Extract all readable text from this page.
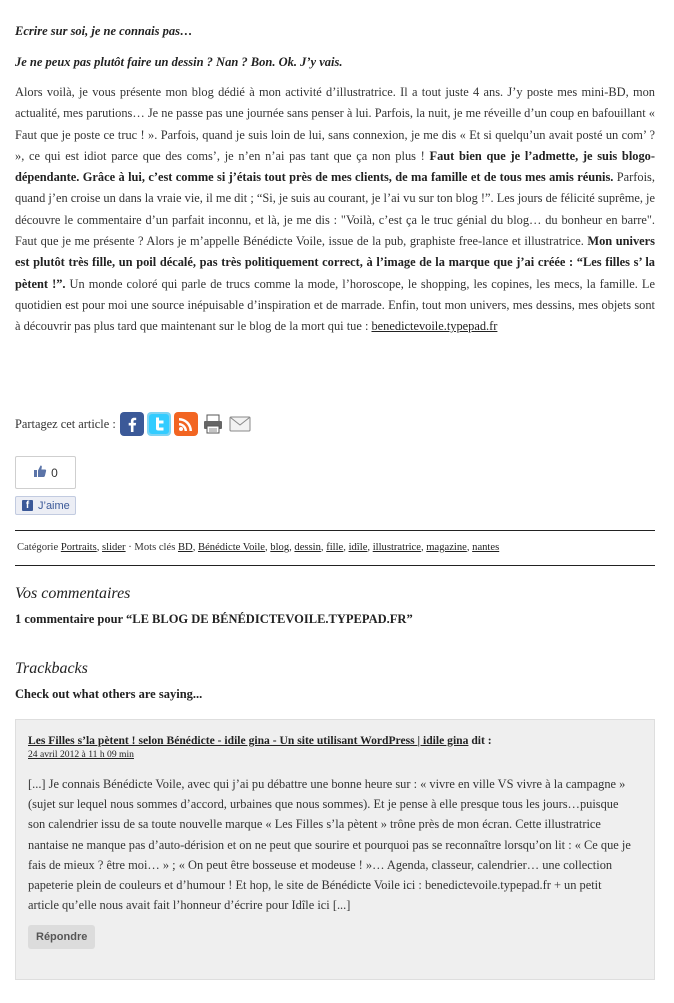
Ecrire sur soi, je ne connais pas…

Je ne peux pas plutôt faire un dessin ? Nan ? Bon. Ok. J’y vais.

Alors voilà, je vous présente mon blog dédié à mon activité d’illustratrice. Il a tout juste 4 ans. J’y poste mes mini-BD, mon actualité, mes parutions… Je ne passe pas une journée sans penser à lui. Parfois, la nuit, je me réveille d’un coup en bafouillant « Faut que je poste ce truc ! ». Parfois, quand je suis loin de lui, sans connexion, je me dis « Et si quelqu’un avait posté un com’ ? », ce qui est idiot parce que des coms’, je n’en n’ai pas tant que ça non plus ! Faut bien que je l’admette, je suis blogo-dépendante. Grâce à lui, c’est comme si j’étais tout près de mes clients, de ma famille et de tous mes amis réunis. Parfois, quand j’en croise un dans la vraie vie, il me dit ; “Si, je suis au courant, je l’ai vu sur ton blog !”. Les jours de félicité suprême, je découvre le commentaire d’un parfait inconnu, et là, je me dis : "Voilà, c’est ça le truc génial du blog… du bonheur en barre". Faut que je me présente ? Alors je m’appelle Bénédicte Voile, issue de la pub, graphiste free-lance et illustratrice. Mon univers est plutôt très fille, un poil décalé, pas très politiquement correct, à l’image de la marque que j’ai créée : “Les filles s’ la pètent !”. Un monde coloré qui parle de trucs comme la mode, l’horoscope, le shopping, les copines, les mecs, la famille. Le quotidien est pour moi une source inépuisable d’inspiration et de marrade. Enfin, tout mon univers, mes dessins, mes objets sont à découvrir pas plus tard que maintenant sur le blog de la mort qui tue : benedictevoile.typepad.fr

Partagez cet article :
0
f J’aime
Catégorie Portraits, slider · Mots clés BD, Bénédicte Voile, blog, dessin, fille, idîle, illustratrice, magazine, nantes

Vos commentaires

1 commentaire pour “LE BLOG DE BÉNÉDICTEVOILE.TYPEPAD.FR”

Trackbacks

Check out what others are saying...

Les Filles s’la pètent ! selon Bénédicte - idile gina - Un site utilisant WordPress | idile gina dit :
24 avril 2012 à 11 h 09 min
[...] Je connais Bénédicte Voile, avec qui j’ai pu débattre une bonne heure sur : « vivre en ville VS vivre à la campagne » (sujet sur lequel nous sommes d’accord, urbaines que nous sommes). Et je pense à elle presque tous les jours…puisque son calendrier issu de sa toute nouvelle marque « Les Filles s’la pètent » trône près de mon écran. Cette illustratrice nantaise ne manque pas d’auto-dérision et on ne peut que sourire et pourquoi pas se reconnaître lorsqu’on lit : « Ce que je fais de mieux ? être moi… » ; « On peut être bosseuse et modeuse ! »… Agenda, classeur, calendrier… une collection papeterie plein de couleurs et d’humour ! Et hop, le site de Bénédicte Voile ici : benedictevoile.typepad.fr + un petit article qu’elle nous avait fait l’honneur d’écrire pour Idîle ici [...]
Répondre
